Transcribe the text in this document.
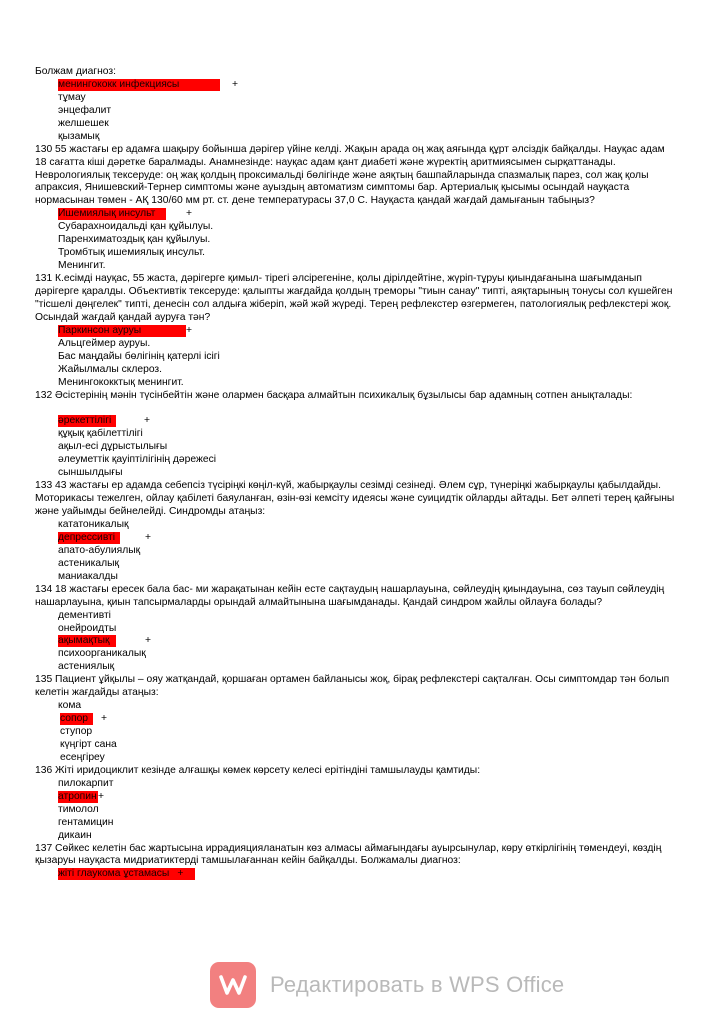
Болжам диагноз:
менингококк инфекциясы	+
тұмау
энцефалит
желшешек
қызамық
130 55 жастағы ер адамға шақыру бойынша дәрігер үйіне келді. Жақын арада оң жақ аяғында құрт әлсіздік байқалды. Науқас адам 18 сағатта кіші дәретке баралмады. Анамнезінде: науқас адам қант диабеті және жүректің аритмиясымен сырқаттанады. Неврологиялық тексеруде: оң жақ қолдың проксимальді бөлігінде және аяқтың башпайларында спазмалық парез, сол жақ қолы апраксия, Янишевский-Тернер симптомы және ауыздың автоматизм симптомы бар. Артериалық қысымы осындай науқаста нормасынан төмен - АҚ 130/60 мм рт. ст. дене температурасы 37,0 С. Науқаста қандай жағдай дамығанын табыңыз?
Ишемиялық инсульт	+
Субарахноидальді қан құйылуы.
Паренхиматоздық қан құйылуы.
Тромбтық ишемиялық инсульт.
Менингит.
131 К.есімді науқас, 55 жаста, дәрігерге қимыл- тірегі әлсірегеніне, қолы дірілдейтіне, жүріп-тұруы қиындағанына шағымданып дәрігерге қаралды. Объективтік тексеруде: қалыпты жағдайда қолдың треморы "тиын санау" типті, аяқтарының тонусы сол күшейген "тісшелі дөңгелек" типті, денесін сол алдыға жіберіп, жәй жәй жүреді. Терең рефлекстер өзгермеген, патологиялық рефлекстері жоқ. Осындай жағдай қандай ауруға тән?
Паркинсон ауруы	+
Альцгеймер ауруы.
Бас маңдайы бөлігінің қатерлі ісігі
Жайылмалы склероз.
Менингококктық менингит.
132 Әсістерінің мәнін түсінбейтін және олармен басқара алмайтын психикалық бұзылысы бар адамның сотпен анықталады:
әрекеттілігі	+
құқық қабілеттілігі
ақыл-есі дұрыстылығы
әлеуметтік қауіптілігінің дәрежесі
сыншылдығы
133 43 жастағы ер адамда себепсіз түсіріңкі көңіл-күй, жабырқаулы сезімді сезінеді. Әлем сұр, түнеріңкі жабырқаулы қабылдайды. Моторикасы тежелген, ойлау қабілеті баяуланған, өзін-өзі кемсіту идеясы және суицидтік ойларды айтады. Бет әлпеті терең қайғыны және уайымды бейнелейді. Синдромды атаңыз:
кататоникалық
депрессивті	+
апато-абулиялық
астеникалық
маниакалды
134 18 жастағы ересек бала бас- ми жарақатынан кейін есте сақтаудың нашарлауына, сөйлеудің қиындауына, сөз тауып сөйлеудің нашарлауына, қиын тапсырмаларды орындай алмайтынына шағымданады. Қандай синдром жайлы ойлауға болады?
дементивті
онейроидты
ақымақтық	+
психоорганикалық
астениялық
135 Пациент ұйқылы – ояу жатқандай, қоршаған ортамен байланысы жоқ, бірақ рефлекстері сақталған. Осы симптомдар тән болып келетін жағдайды атаңыз:
кома
сопор +
ступор
күңгірт сана
есеңгіреу
136 Жіті иридоциклит кезінде алғашқы көмек көрсету келесі ерітіндіні тамшылауды қамтиды:
пилокарпит
атропин+
тимолол
гентамицин
дикаин
137 Сөйкес келетін бас жартысына иррадияцияланатын көз алмасы аймағындағы ауырсынулар, көру өткірлігінің төмендеуі, көздің қызаруы науқаста мидриатиктерді тамшылағаннан кейін байқалды. Болжамалы диагноз:
жіті глаукома ұстамасы +
Редактировать в WPS Office
